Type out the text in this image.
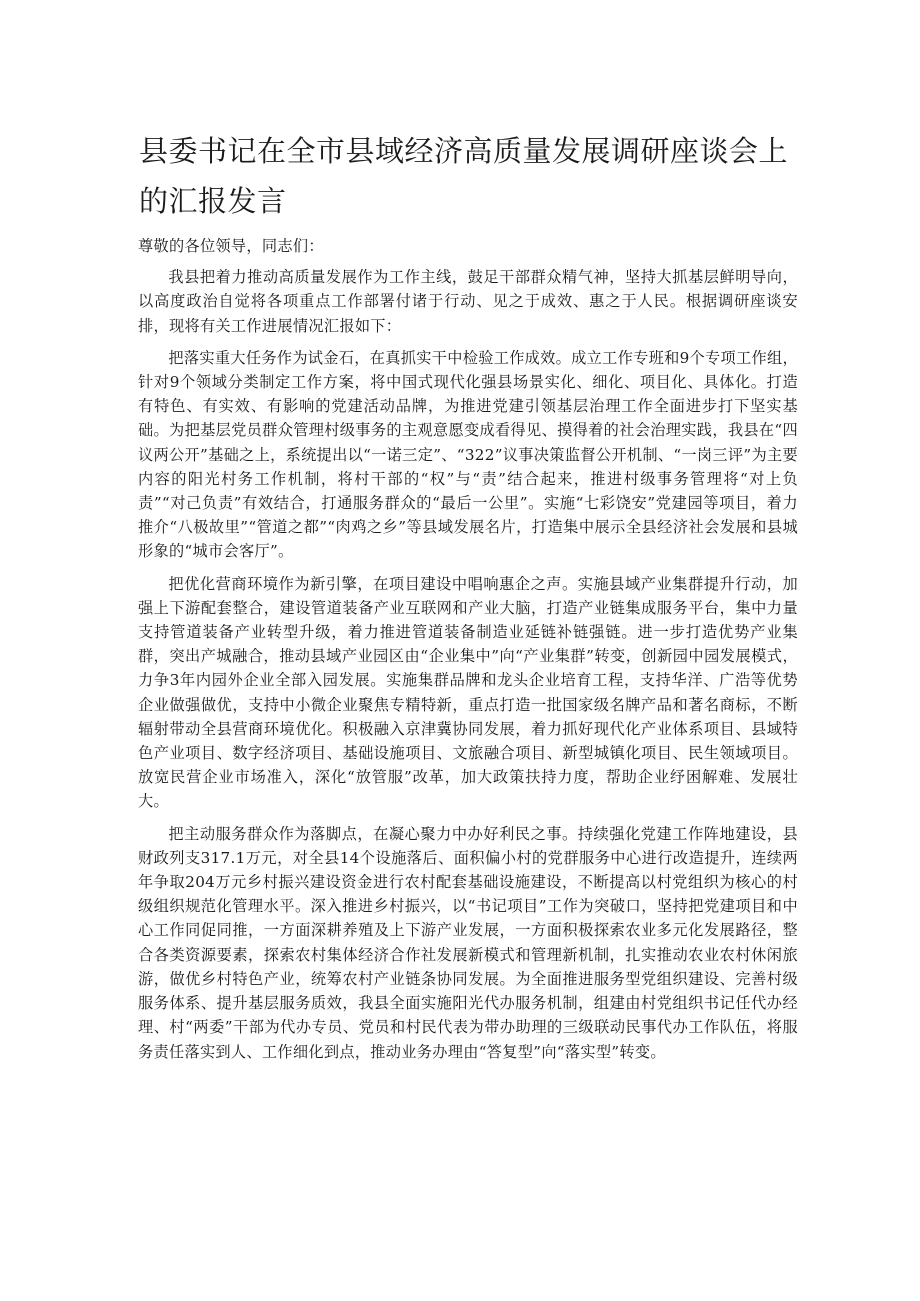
县委书记在全市县域经济高质量发展调研座谈会上
的汇报发言

尊敬的各位领导，同志们：

我县把着力推动高质量发展作为工作主线，鼓足干部群众精气神，坚持大抓基层鲜明导向，以高度政治自觉将各项重点工作部署付诸于行动、见之于成效、惠之于人民。根据调研座谈安排，现将有关工作进展情况汇报如下：

把落实重大任务作为试金石，在真抓实干中检验工作成效。成立工作专班和9个专项工作组，针对9个领域分类制定工作方案，将中国式现代化强县场景实化、细化、项目化、具体化。打造有特色、有实效、有影响的党建活动品牌，为推进党建引领基层治理工作全面进步打下坚实基础。为把基层党员群众管理村级事务的主观意愿变成看得见、摸得着的社会治理实践，我县在“四议两公开”基础之上，系统提出以“一诺三定”、“322”议事决策监督公开机制、“一岗三评”为主要内容的阳光村务工作机制，将村干部的“权”与“责”结合起来，推进村级事务管理将“对上负责”“对己负责”有效结合，打通服务群众的“最后一公里”。实施“七彩饶安”党建园等项目，着力推介“八极故里”“管道之都”“肉鸡之乡”等县域发展名片，打造集中展示全县经济社会发展和县城形象的“城市会客厅”。

把优化营商环境作为新引擎，在项目建设中唱响惠企之声。实施县域产业集群提升行动，加强上下游配套整合，建设管道装备产业互联网和产业大脑，打造产业链集成服务平台，集中力量支持管道装备产业转型升级，着力推进管道装备制造业延链补链强链。进一步打造优势产业集群，突出产城融合，推动县域产业园区由“企业集中”向“产业集群”转变，创新园中园发展模式，力争3年内园外企业全部入园发展。实施集群品牌和龙头企业培育工程，支持华洋、广浩等优势企业做强做优，支持中小微企业聚焦专精特新，重点打造一批国家级名牌产品和著名商标，不断辐射带动全县营商环境优化。积极融入京津冀协同发展，着力抓好现代化产业体系项目、县域特色产业项目、数字经济项目、基础设施项目、文旅融合项目、新型城镇化项目、民生领域项目。放宽民营企业市场准入，深化“放管服”改革，加大政策扶持力度，帮助企业纾困解难、发展壮大。

把主动服务群众作为落脚点，在凝心聚力中办好利民之事。持续强化党建工作阵地建设，县财政列支317.1万元，对全县14个设施落后、面积偏小村的党群服务中心进行改造提升，连续两年争取204万元乡村振兴建设资金进行农村配套基础设施建设，不断提高以村党组织为核心的村级组织规范化管理水平。深入推进乡村振兴，以“书记项目”工作为突破口，坚持把党建项目和中心工作同促同推，一方面深耕养殖及上下游产业发展，一方面积极探索农业多元化发展路径，整合各类资源要素，探索农村集体经济合作社发展新模式和管理新机制，扎实推动农业农村休闲旅游，做优乡村特色产业，统筹农村产业链条协同发展。为全面推进服务型党组织建设、完善村级服务体系、提升基层服务质效，我县全面实施阳光代办服务机制，组建由村党组织书记任代办经理、村“两委”干部为代办专员、党员和村民代表为带办助理的三级联动民事代办工作队伍，将服务责任落实到人、工作细化到点，推动业务办理由“答复型”向“落实型”转变。
